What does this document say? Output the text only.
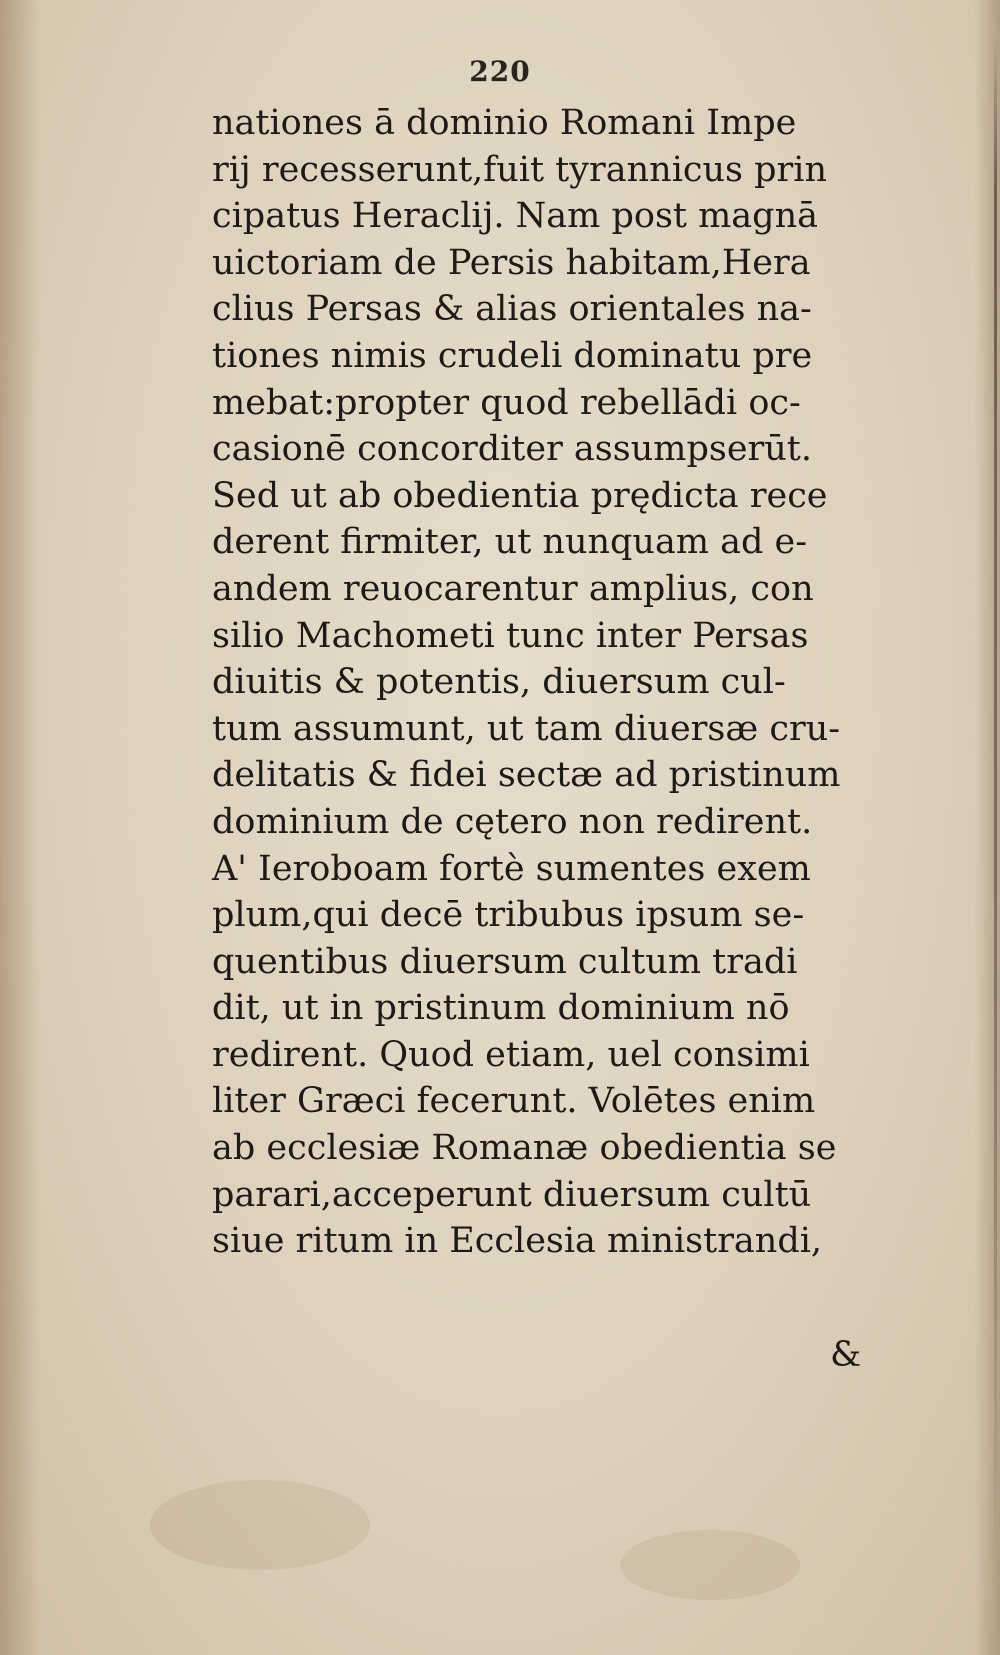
220
nationes ā dominio Romani Impe
rij recesserunt,fuit tyrannicus prin
cipatus Heraclij. Nam post magnā
uictoriam de Persis habitam,Hera
clius Persas & alias orientales na-
tiones nimis crudeli dominatu pre
mebat:propter quod rebellādi oc-
casionē concorditer assumpserūt.
Sed ut ab obedientia prędicta rece
derent firmiter, ut nunquam ad e-
andem reuocarentur amplius, con
silio Machometi tunc inter Persas
diuitis & potentis, diuersum cul-
tum assumunt, ut tam diuersæ cru-
delitatis & fidei sectæ ad pristinum
dominium de cętero non redirent.
A' Ieroboam fortè sumentes exem
plum,qui decē tribubus ipsum se-
quentibus diuersum cultum tradi
dit, ut in pristinum dominium nō
redirent. Quod etiam, uel consimi
liter Græci fecerunt. Volētes enim
ab ecclesiæ Romanæ obedientia se
parari,acceperunt diuersum cultū
siue ritum in Ecclesia ministrandi,
&
